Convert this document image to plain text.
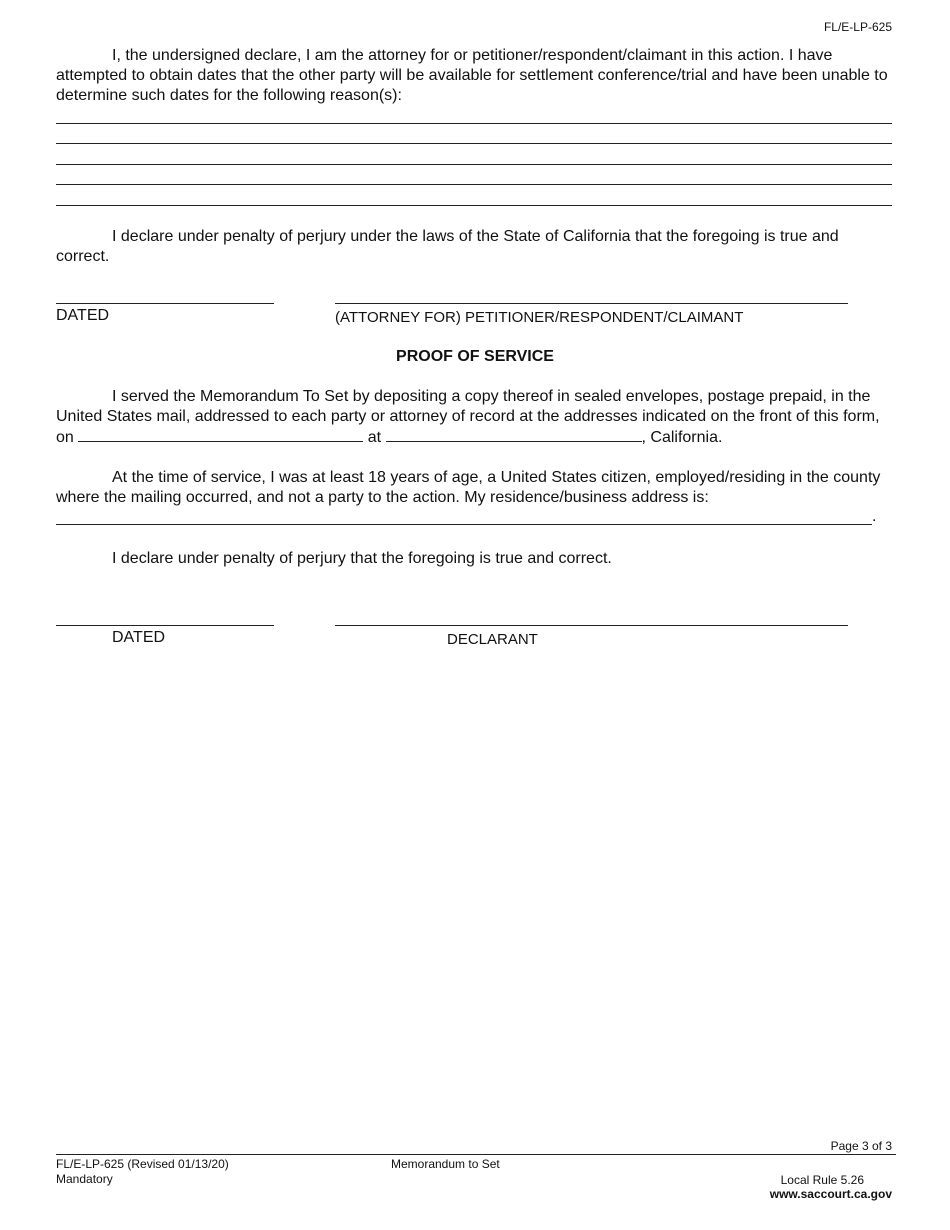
FL/E-LP-625
I, the undersigned declare, I am the attorney for or petitioner/respondent/claimant in this action. I have attempted to obtain dates that the other party will be available for settlement conference/trial and have been unable to determine such dates for the following reason(s):
I declare under penalty of perjury under the laws of the State of California that the foregoing is true and correct.
DATED	(ATTORNEY FOR) PETITIONER/RESPONDENT/CLAIMANT
PROOF OF SERVICE
I served the Memorandum To Set by depositing a copy thereof in sealed envelopes, postage prepaid, in the United States mail, addressed to each party or attorney of record at the addresses indicated on the front of this form, on	at	, California.
At the time of service, I was at least 18 years of age, a United States citizen, employed/residing in the county where the mailing occurred, and not a party to the action. My residence/business address is:
.
I declare under penalty of perjury that the foregoing is true and correct.
DATED	DECLARANT
Page 3 of 3
FL/E-LP-625 (Revised 01/13/20)
Mandatory
Memorandum to Set
Local Rule 5.26
www.saccourt.ca.gov
